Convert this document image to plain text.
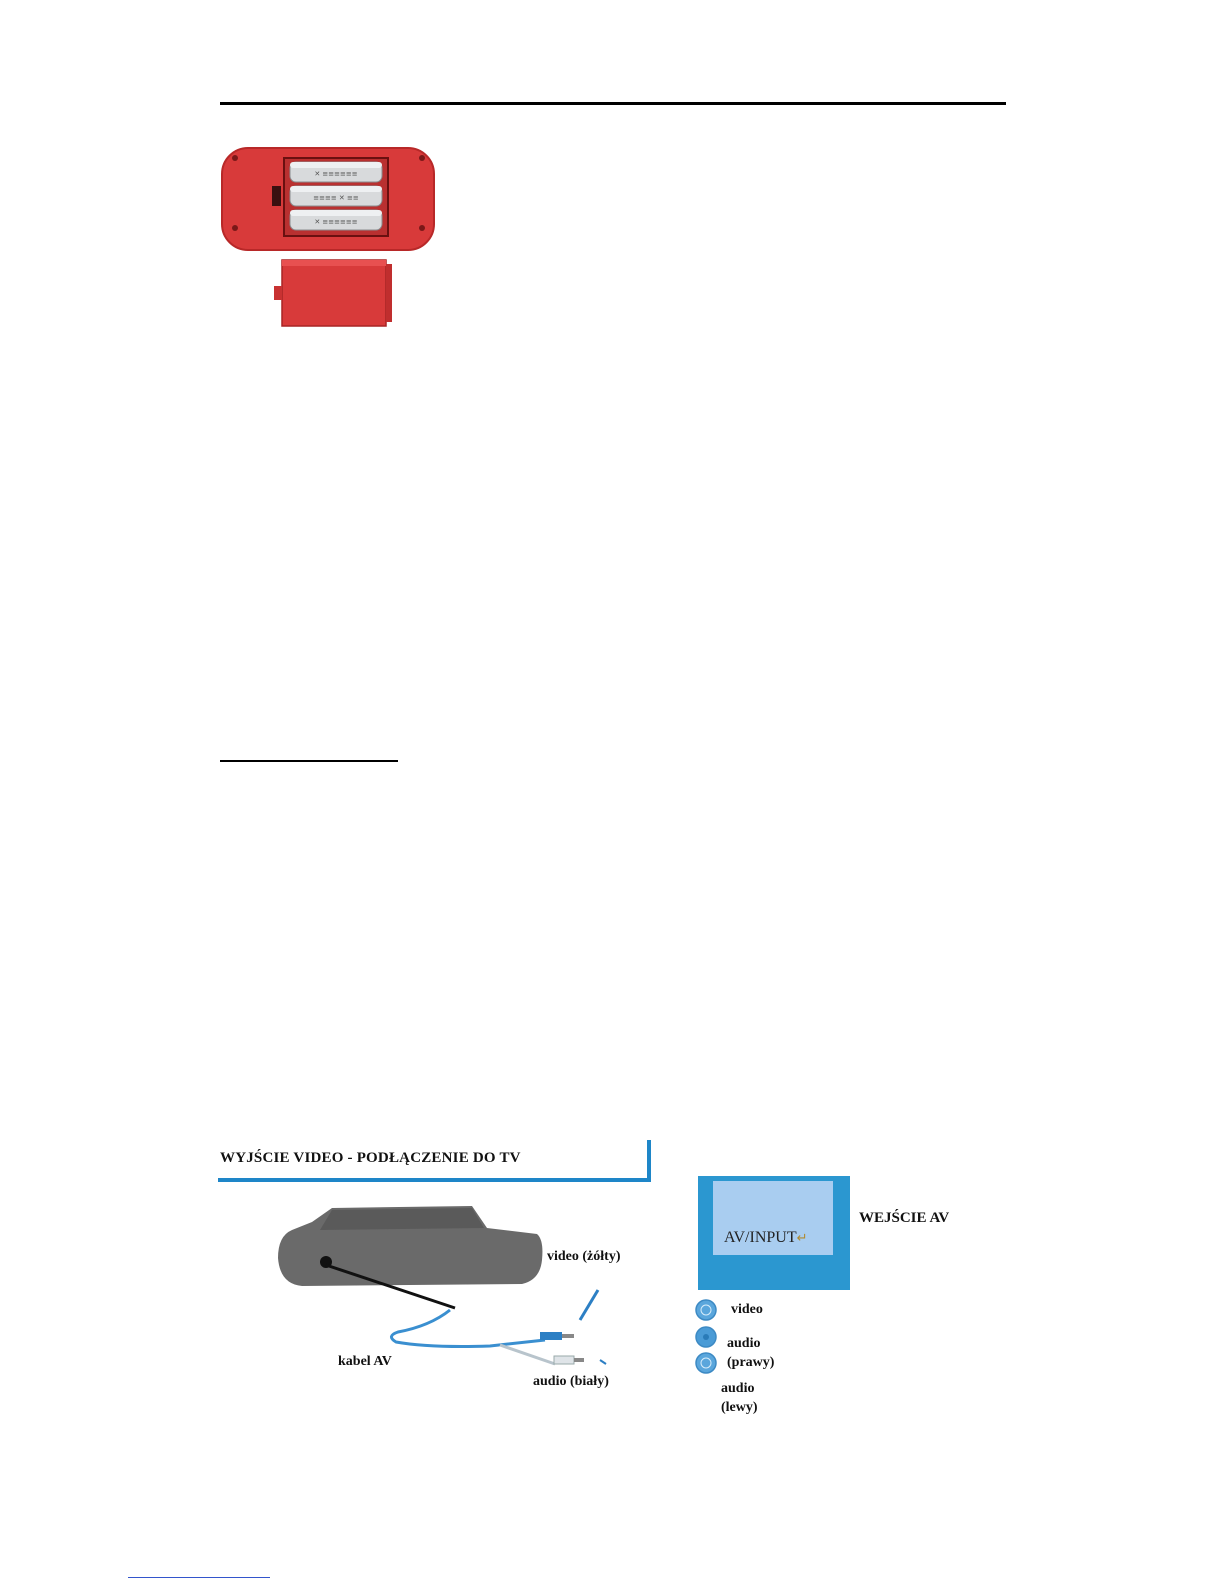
✕ ≡≡≡≡≡≡
≡≡≡≡ ✕ ≡≡
✕ ≡≡≡≡≡≡
WYJŚCIE VIDEO - PODŁĄCZENIE DO TV
video (żółty)
kabel AV
audio (biały)
AV/INPUT↵
WEJŚCIE AV
video
audio
(prawy)
audio
(lewy)
